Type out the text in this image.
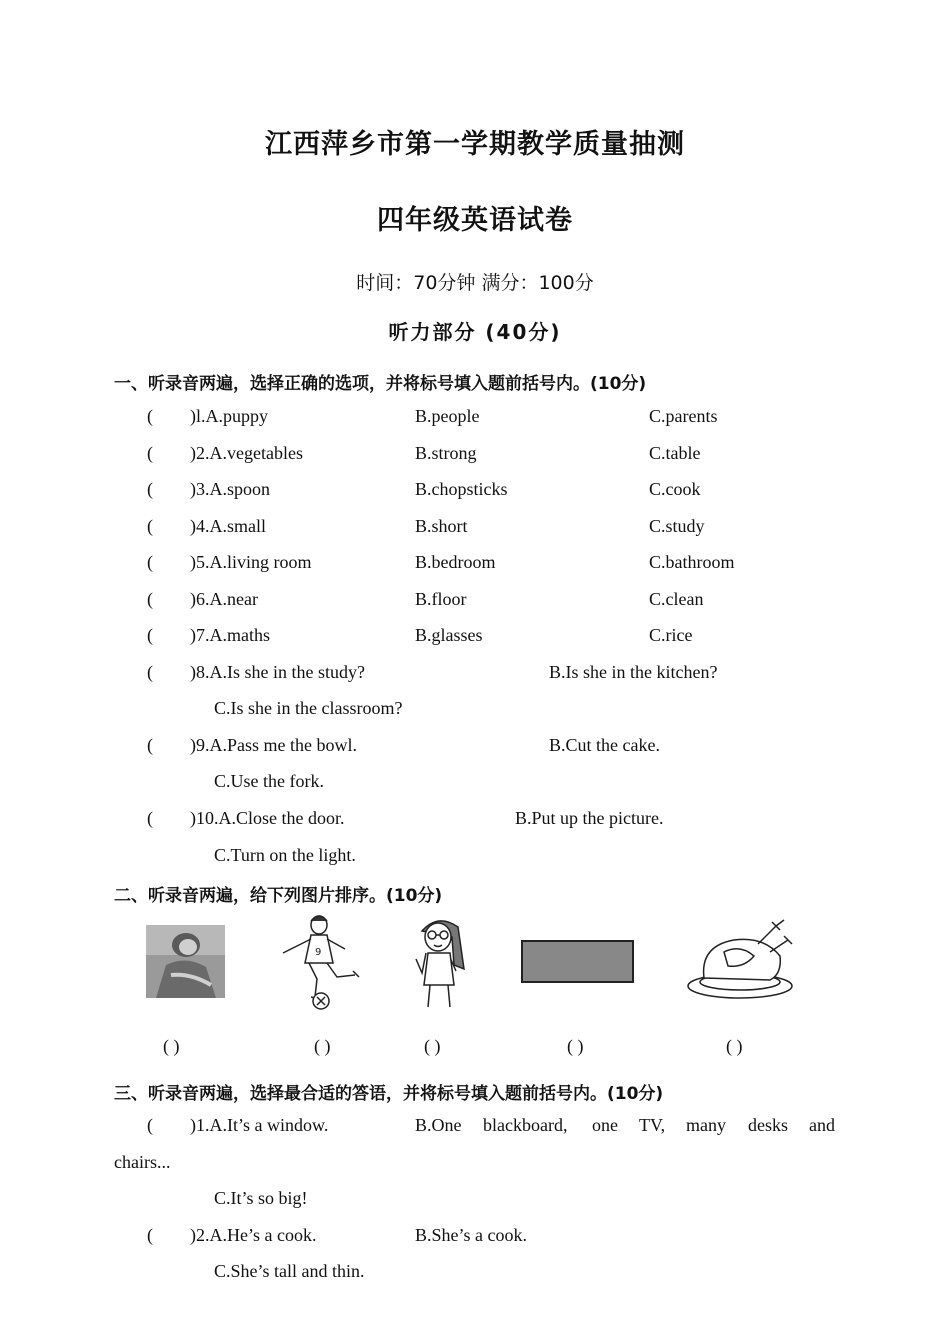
江西萍乡市第一学期教学质量抽测
四年级英语试卷
时间：70分钟 满分：100分
听力部分 (40分)
一、听录音两遍，选择正确的选项，并将标号填入题前括号内。(10分)
( )l.A.puppy	B.people	C.parents
( )2.A.vegetables	B.strong	C.table
( )3.A.spoon	B.chopsticks	C.cook
( )4.A.small	B.short	C.study
( )5.A.living room	B.bedroom	C.bathroom
( )6.A.near	B.floor	C.clean
( )7.A.maths	B.glasses	C.rice
( )8.A.Is she in the study?	B.Is she in the kitchen?
C.Is she in the classroom?
( )9.A.Pass me the bowl.	B.Cut the cake.
C.Use the fork.
( )10.A.Close the door.	B.Put up the picture.
C.Turn on the light.
二、听录音两遍，给下列图片排序。(10分)
9
( )	( )	( )	( )	( )
三、听录音两遍，选择最合适的答语，并将标号填入题前括号内。(10分)
( )1.A.It’s a window.	B.One blackboard, one TV, many desks and
chairs...
C.It’s so big!
( )2.A.He’s a cook.	B.She’s a cook.
C.She’s tall and thin.
